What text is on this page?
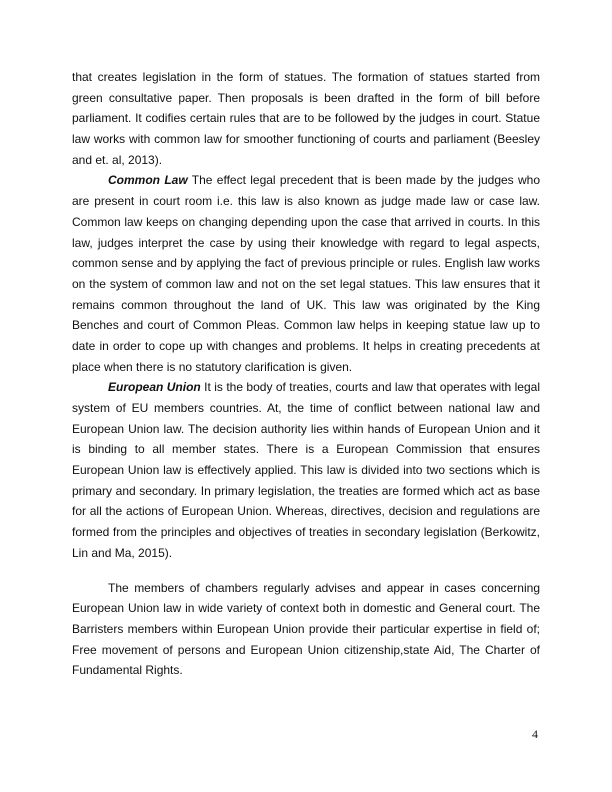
that creates legislation in the form of statues. The formation of statues started from
green consultative paper. Then proposals is been drafted in the form of bill before
parliament. It codifies certain rules that are to be followed by the judges in court. Statue
law works with common law for smoother functioning of courts and parliament (Beesley
and et. al, 2013).
Common Law The effect legal precedent that is been made by the judges who
are present in court room i.e. this law is also known as judge made law or case law.
Common law keeps on changing depending upon the case that arrived in courts. In this
law, judges interpret the case by using their knowledge with regard to legal aspects,
common sense and by applying the fact of previous principle or rules. English law works
on the system of common law and not on the set legal statues. This law ensures that it
remains common throughout the land of UK. This law was originated by the King
Benches and court of Common Pleas. Common law helps in keeping statue law up to
date in order to cope up with changes and problems. It helps in creating precedents at
place when there is no statutory clarification is given.
European Union It is the body of treaties, courts and law that operates with legal
system of EU members countries. At, the time of conflict between national law and
European Union law. The decision authority lies within hands of European Union and it
is binding to all member states. There is a European Commission that ensures
European Union law is effectively applied. This law is divided into two sections which is
primary and secondary. In primary legislation, the treaties are formed which act as base
for all the actions of European Union. Whereas, directives, decision and regulations are
formed from the principles and objectives of treaties in secondary legislation (Berkowitz,
Lin and Ma, 2015).
The members of chambers regularly advises and appear in cases concerning
European Union law in wide variety of context both in domestic and General court. The
Barristers members within European Union provide their particular expertise in field of;
Free movement of persons and European Union citizenship,state Aid, The Charter of
Fundamental Rights.
4
